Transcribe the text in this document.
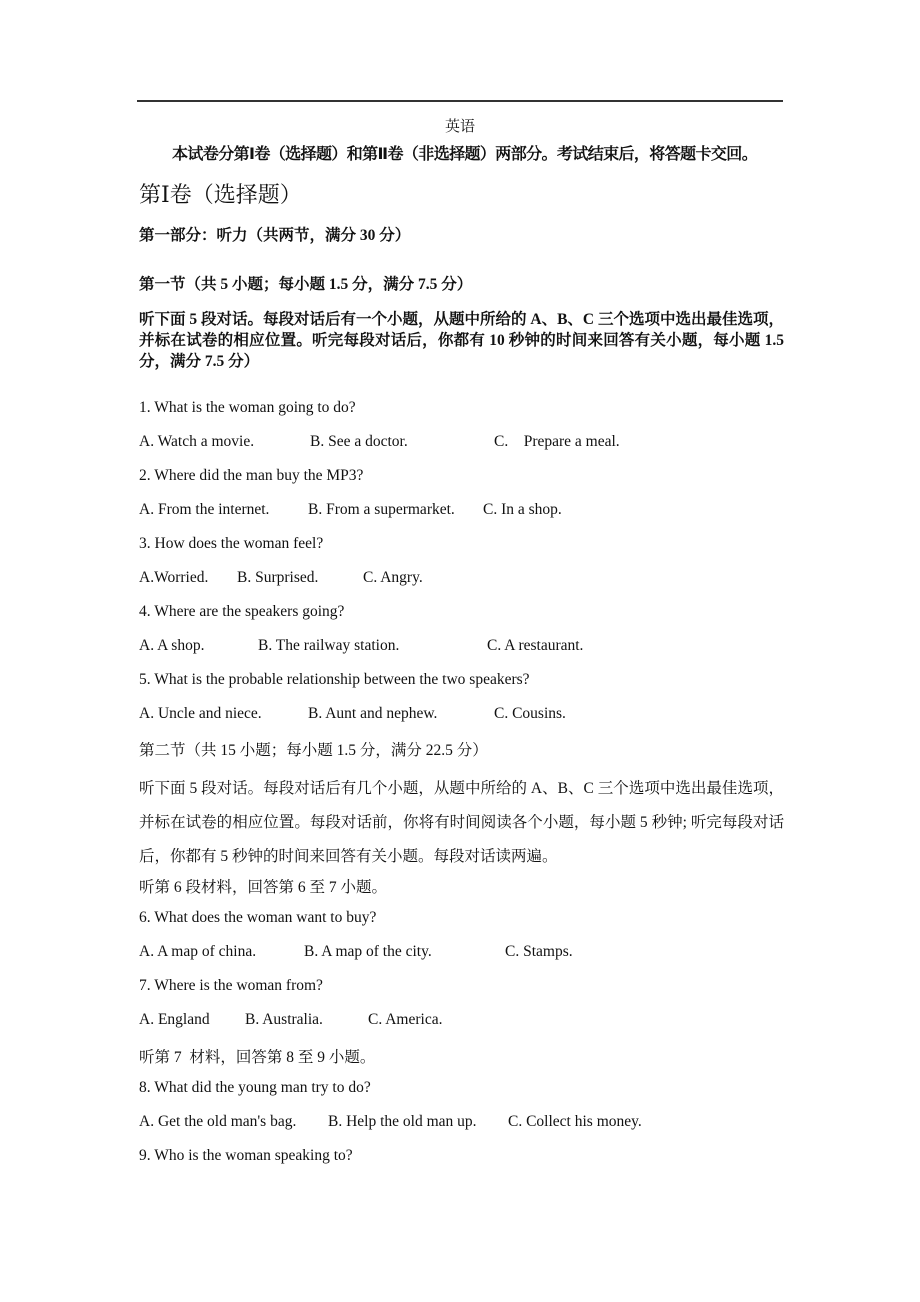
英语
本试卷分第Ⅰ卷（选择题）和第Ⅱ卷（非选择题）两部分。考试结束后，将答题卡交回。
第Ⅰ卷（选择题）
第一部分：听力（共两节，满分 30 分）
第一节（共 5 小题；每小题 1.5 分，满分 7.5 分）
听下面 5 段对话。每段对话后有一个小题，从题中所给的 A、B、C 三个选项中选出最佳选项，并标在试卷的相应位置。听完每段对话后，你都有 10 秒钟的时间来回答有关小题，每小题 1.5 分，满分 7.5 分）
1. What is the woman going to do?
A. Watch a movie.	B. See a doctor.	C.    Prepare a meal.
2. Where did the man buy the MP3?
A. From the internet. B. From a supermarket. C. In a shop.
3. How does the woman feel?
A.Worried. B. Surprised.	C. Angry.
4. Where are the speakers going?
A. A shop.	B. The railway station.	C. A restaurant.
5. What is the probable relationship between the two speakers?
A. Uncle and niece.	B. Aunt and nephew.	C. Cousins.
第二节（共 15 小题；每小题 1.5 分，满分 22.5 分）
听下面 5 段对话。每段对话后有几个小题，从题中所给的 A、B、C 三个选项中选出最佳选项，并标在试卷的相应位置。每段对话前，你将有时间阅读各个小题，每小题 5 秒钟; 听完每段对话后，你都有 5 秒钟的时间来回答有关小题。每段对话读两遍。
听第 6 段材料，回答第 6 至 7 小题。
6. What does the woman want to buy?
A. A map of china.	B. A map of the city.	C. Stamps.
7. Where is the woman from?
A. England B. Australia.	C. America.
听第 7  材料，回答第 8 至 9 小题。
8. What did the young man try to do?
A. Get the old man's bag. B. Help the old man up. C. Collect his money.
9. Who is the woman speaking to?
